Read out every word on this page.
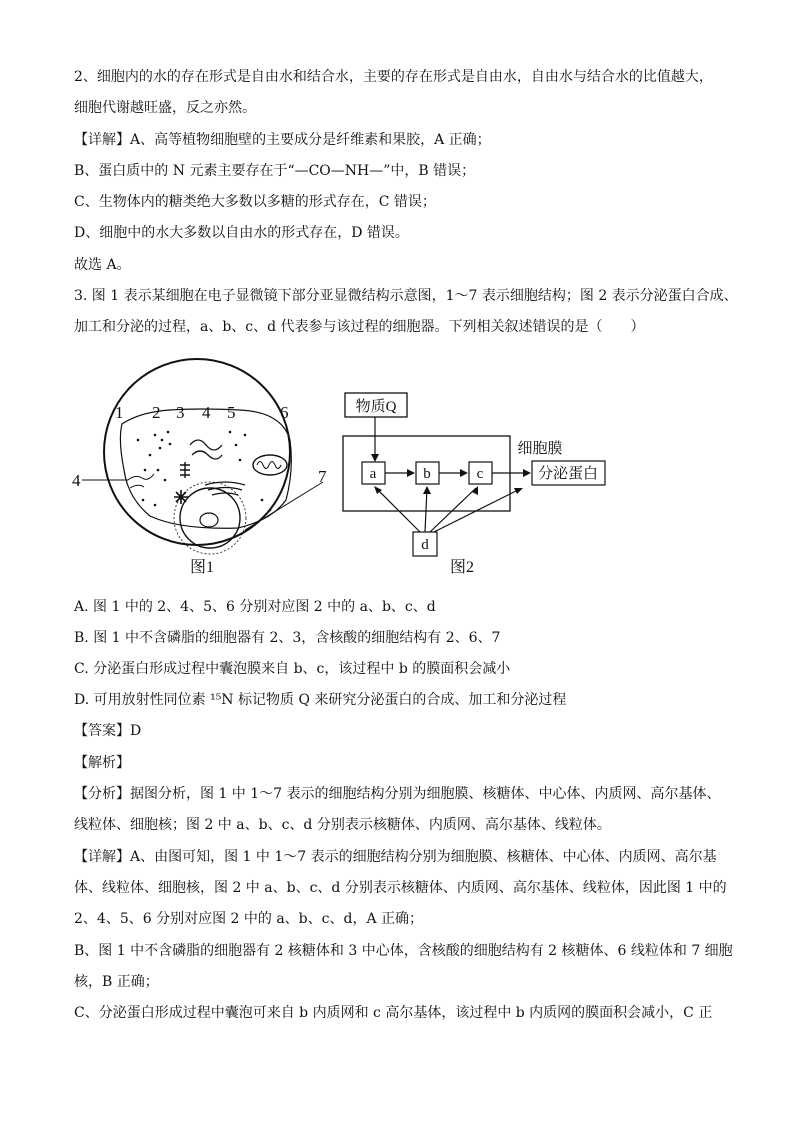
2、细胞内的水的存在形式是自由水和结合水，主要的存在形式是自由水，自由水与结合水的比值越大，
细胞代谢越旺盛，反之亦然。
【详解】A、高等植物细胞壁的主要成分是纤维素和果胶，A 正确；
B、蛋白质中的 N 元素主要存在于“—CO—NH—”中，B 错误；
C、生物体内的糖类绝大多数以多糖的形式存在，C 错误；
D、细胞中的水大多数以自由水的形式存在，D 错误。
故选 A。
3. 图 1 表示某细胞在电子显微镜下部分亚显微结构示意图，1～7 表示细胞结构；图 2 表示分泌蛋白合成、
加工和分泌的过程，a、b、c、d 代表参与该过程的细胞器。下列相关叙述错误的是（　　）
1 2 3 4 5	6
4	7
图1
物质Q
细胞膜
a	b	c
d
分泌蛋白
图2
A. 图 1 中的 2、4、5、6 分别对应图 2 中的 a、b、c、d
B. 图 1 中不含磷脂的细胞器有 2、3，含核酸的细胞结构有 2、6、7
C. 分泌蛋白形成过程中囊泡膜来自 b、c，该过程中 b 的膜面积会减小
D. 可用放射性同位素 ¹⁵N 标记物质 Q 来研究分泌蛋白的合成、加工和分泌过程
【答案】D
【解析】
【分析】据图分析，图 1 中 1～7 表示的细胞结构分别为细胞膜、核糖体、中心体、内质网、高尔基体、
线粒体、细胞核；图 2 中 a、b、c、d 分别表示核糖体、内质网、高尔基体、线粒体。
【详解】A、由图可知，图 1 中 1～7 表示的细胞结构分别为细胞膜、核糖体、中心体、内质网、高尔基
体、线粒体、细胞核，图 2 中 a、b、c、d 分别表示核糖体、内质网、高尔基体、线粒体，因此图 1 中的
2、4、5、6 分别对应图 2 中的 a、b、c、d，A 正确；
B、图 1 中不含磷脂的细胞器有 2 核糖体和 3 中心体，含核酸的细胞结构有 2 核糖体、6 线粒体和 7 细胞
核，B 正确；
C、分泌蛋白形成过程中囊泡可来自 b 内质网和 c 高尔基体，该过程中 b 内质网的膜面积会减小，C 正
